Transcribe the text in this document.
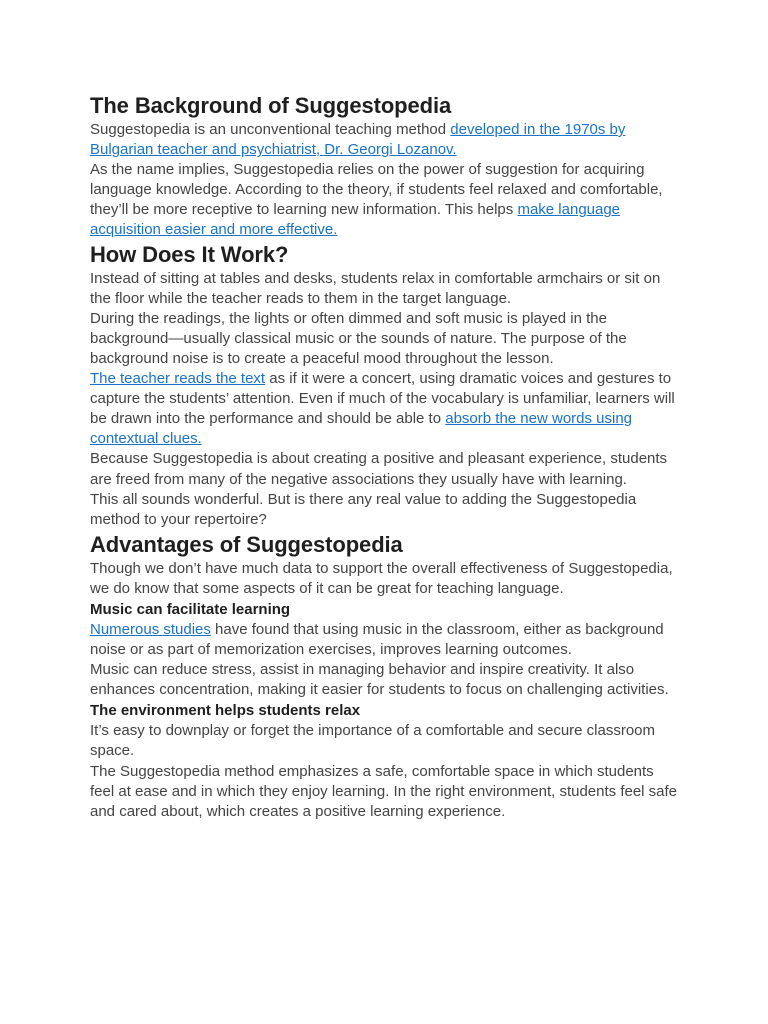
The Background of Suggestopedia

Suggestopedia is an unconventional teaching method developed in the 1970s by Bulgarian teacher and psychiatrist, Dr. Georgi Lozanov.

As the name implies, Suggestopedia relies on the power of suggestion for acquiring language knowledge. According to the theory, if students feel relaxed and comfortable, they’ll be more receptive to learning new information. This helps make language acquisition easier and more effective.

How Does It Work?

Instead of sitting at tables and desks, students relax in comfortable armchairs or sit on the floor while the teacher reads to them in the target language.

During the readings, the lights or often dimmed and soft music is played in the background—usually classical music or the sounds of nature. The purpose of the background noise is to create a peaceful mood throughout the lesson.

The teacher reads the text as if it were a concert, using dramatic voices and gestures to capture the students’ attention. Even if much of the vocabulary is unfamiliar, learners will be drawn into the performance and should be able to absorb the new words using contextual clues.

Because Suggestopedia is about creating a positive and pleasant experience, students are freed from many of the negative associations they usually have with learning.

This all sounds wonderful. But is there any real value to adding the Suggestopedia method to your repertoire?

Advantages of Suggestopedia

Though we don’t have much data to support the overall effectiveness of Suggestopedia, we do know that some aspects of it can be great for teaching language.

Music can facilitate learning

Numerous studies have found that using music in the classroom, either as background noise or as part of memorization exercises, improves learning outcomes.

Music can reduce stress, assist in managing behavior and inspire creativity. It also enhances concentration, making it easier for students to focus on challenging activities.

The environment helps students relax

It’s easy to downplay or forget the importance of a comfortable and secure classroom space.

The Suggestopedia method emphasizes a safe, comfortable space in which students feel at ease and in which they enjoy learning. In the right environment, students feel safe and cared about, which creates a positive learning experience.
